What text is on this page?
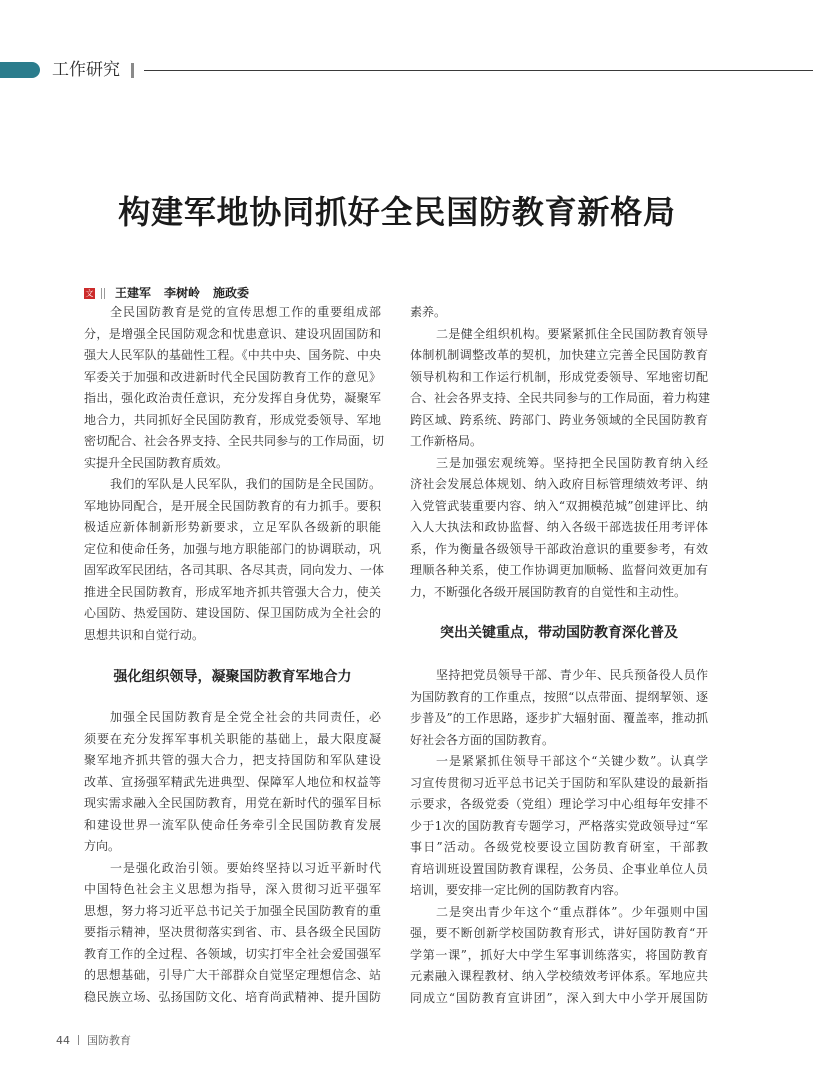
工作研究
构建军地协同抓好全民国防教育新格局
文 王建军 李树岭 施政委
全民国防教育是党的宣传思想工作的重要组成部
分，是增强全民国防观念和忧患意识、建设巩固国防和
强大人民军队的基础性工程。《中共中央、国务院、中央
军委关于加强和改进新时代全民国防教育工作的意见》
指出，强化政治责任意识，充分发挥自身优势，凝聚军
地合力，共同抓好全民国防教育，形成党委领导、军地
密切配合、社会各界支持、全民共同参与的工作局面，切
实提升全民国防教育质效。
我们的军队是人民军队，我们的国防是全民国防。
军地协同配合，是开展全民国防教育的有力抓手。要积
极适应新体制新形势新要求，立足军队各级新的职能
定位和使命任务，加强与地方职能部门的协调联动，巩
固军政军民团结，各司其职、各尽其责，同向发力、一体
推进全民国防教育，形成军地齐抓共管强大合力，使关
心国防、热爱国防、建设国防、保卫国防成为全社会的
思想共识和自觉行动。
强化组织领导，凝聚国防教育军地合力
加强全民国防教育是全党全社会的共同责任，必
须要在充分发挥军事机关职能的基础上，最大限度凝
聚军地齐抓共管的强大合力，把支持国防和军队建设
改革、宣扬强军精武先进典型、保障军人地位和权益等
现实需求融入全民国防教育，用党在新时代的强军目标
和建设世界一流军队使命任务牵引全民国防教育发展
方向。
一是强化政治引领。要始终坚持以习近平新时代
中国特色社会主义思想为指导，深入贯彻习近平强军
思想，努力将习近平总书记关于加强全民国防教育的重
要指示精神，坚决贯彻落实到省、市、县各级全民国防
教育工作的全过程、各领域，切实打牢全社会爱国强军
的思想基础，引导广大干部群众自觉坚定理想信念、站
稳民族立场、弘扬国防文化、培育尚武精神、提升国防
素养。
二是健全组织机构。要紧紧抓住全民国防教育领导
体制机制调整改革的契机，加快建立完善全民国防教育
领导机构和工作运行机制，形成党委领导、军地密切配
合、社会各界支持、全民共同参与的工作局面，着力构建
跨区域、跨系统、跨部门、跨业务领域的全民国防教育
工作新格局。
三是加强宏观统筹。坚持把全民国防教育纳入经
济社会发展总体规划、纳入政府目标管理绩效考评、纳
入党管武装重要内容、纳入“双拥模范城”创建评比、纳
入人大执法和政协监督、纳入各级干部选拔任用考评体
系，作为衡量各级领导干部政治意识的重要参考，有效
理顺各种关系，使工作协调更加顺畅、监督问效更加有
力，不断强化各级开展国防教育的自觉性和主动性。
突出关键重点，带动国防教育深化普及
坚持把党员领导干部、青少年、民兵预备役人员作
为国防教育的工作重点，按照“以点带面、提纲挈领、逐
步普及”的工作思路，逐步扩大辐射面、覆盖率，推动抓
好社会各方面的国防教育。
一是紧紧抓住领导干部这个“关键少数”。认真学
习宣传贯彻习近平总书记关于国防和军队建设的最新指
示要求，各级党委（党组）理论学习中心组每年安排不
少于1次的国防教育专题学习，严格落实党政领导过“军
事日”活动。各级党校要设立国防教育研室，干部教
育培训班设置国防教育课程，公务员、企事业单位人员
培训，要安排一定比例的国防教育内容。
二是突出青少年这个“重点群体”。少年强则中国
强，要不断创新学校国防教育形式，讲好国防教育“开
学第一课”，抓好大中学生军事训练落实，将国防教育
元素融入课程教材、纳入学校绩效考评体系。军地应共
同成立“国防教育宣讲团”，深入到大中小学开展国防
44 国防教育
